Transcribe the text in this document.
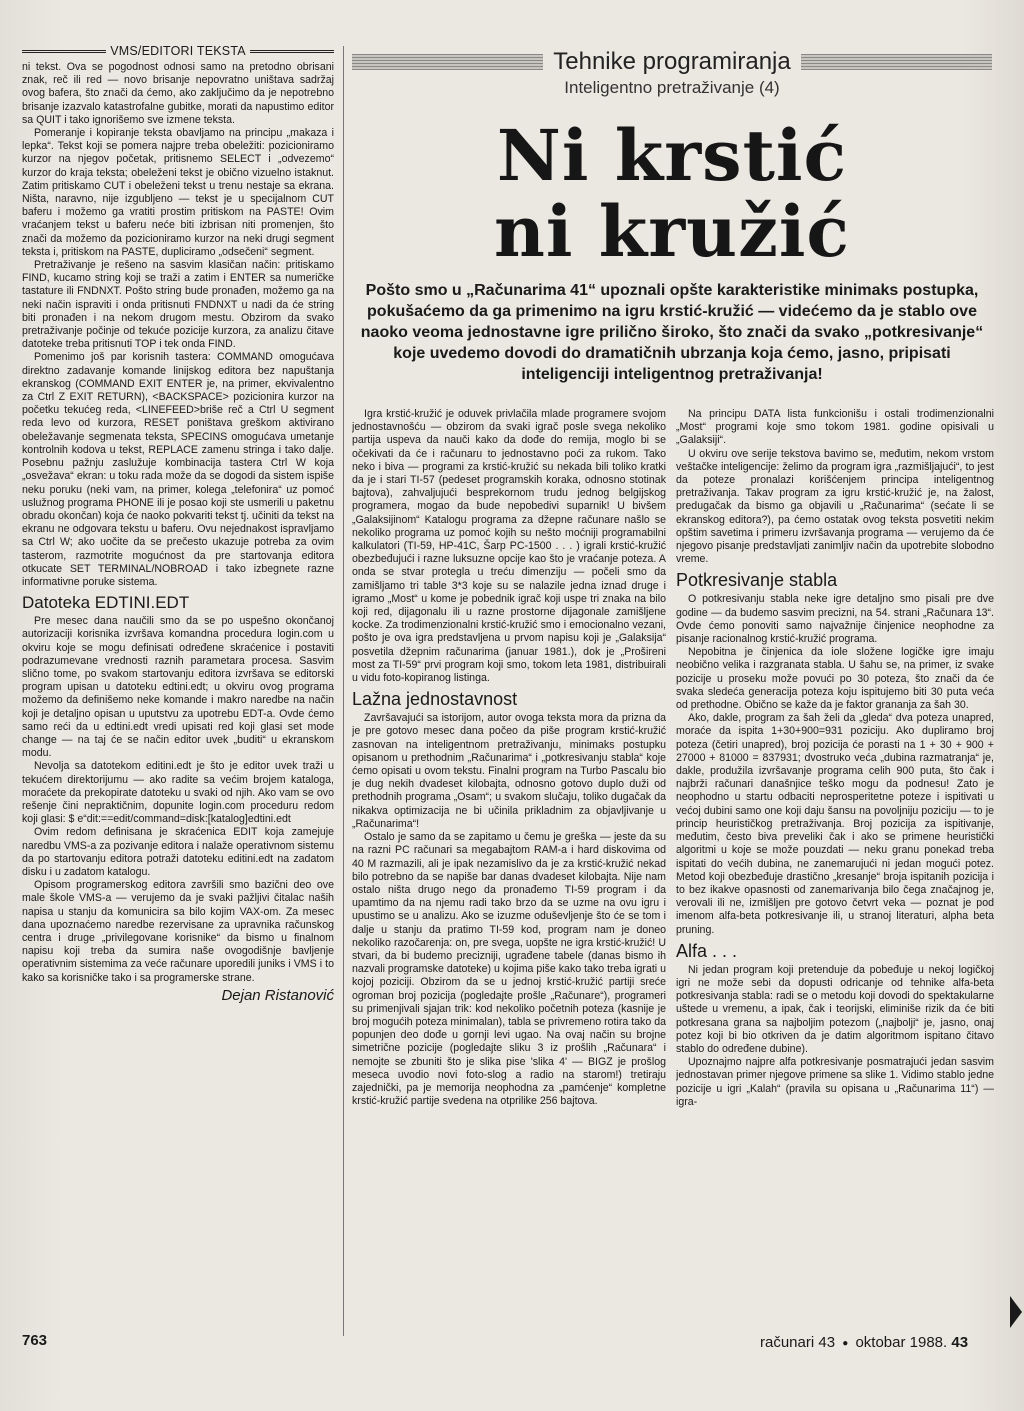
VMS/EDITORI TEKSTA

ni tekst. Ova se pogodnost odnosi samo na pretodno obrisani znak, reč ili red — novo brisanje nepovratno uništava sadržaj ovog bafera, što znači da ćemo, ako zaključimo da je nepotrebno brisanje izazvalo katastrofalne gubitke, morati da napustimo editor sa QUIT i tako ignorišemo sve izmene teksta.

Pomeranje i kopiranje teksta obavljamo na principu „makaza i lepka“. Tekst koji se pomera najpre treba obeležiti: pozicioniramo kurzor na njegov početak, pritisnemo SELECT i „odvezemo“ kurzor do kraja teksta; obeleženi tekst je obično vizuelno istaknut. Zatim pritiskamo CUT i obeleženi tekst u trenu nestaje sa ekrana. Ništa, naravno, nije izgubljeno — tekst je u specijalnom CUT baferu i možemo ga vratiti prostim pritiskom na PASTE! Ovim vraćanjem tekst u baferu neće biti izbrisan niti promenjen, što znači da možemo da pozicioniramo kurzor na neki drugi segment teksta i, pritiskom na PASTE, dupliciramo „odsečeni“ segment.

Pretraživanje je rešeno na sasvim klasičan način: pritiskamo FIND, kucamo string koji se traži a zatim i ENTER sa numeričke tastature ili FNDNXT. Pošto string bude pronađen, možemo ga na neki način ispraviti i onda pritisnuti FNDNXT u nadi da će string biti pronađen i na nekom drugom mestu. Obzirom da svako pretraživanje počinje od tekuće pozicije kurzora, za analizu čitave datoteke treba pritisnuti TOP i tek onda FIND.

Pomenimo još par korisnih tastera: COMMAND omogućava direktno zadavanje komande linijskog editora bez napuštanja ekranskog (COMMAND EXIT ENTER je, na primer, ekvivalentno za Ctrl Z EXIT RETURN), <BACKSPACE> pozicionira kurzor na početku tekućeg reda, <LINEFEED>briše reč a Ctrl U segment reda levo od kurzora, RESET poništava greškom aktivirano obeležavanje segmenata teksta, SPECINS omogućava umetanje kontrolnih kodova u tekst, REPLACE zamenu stringa i tako dalje. Posebnu pažnju zaslužuje kombinacija tastera Ctrl W koja „osvežava“ ekran: u toku rada može da se dogodi da sistem ispiše neku poruku (neki vam, na primer, kolega „telefonira“ uz pomoć uslužnog programa PHONE ili je posao koji ste usmerili u paketnu obradu okončan) koja će naoko pokvariti tekst tj. učiniti da tekst na ekranu ne odgovara tekstu u baferu. Ovu nejednakost ispravljamo sa Ctrl W; ako uočite da se prečesto ukazuje potreba za ovim tasterom, razmotrite mogućnost da pre startovanja editora otkucate SET TERMINAL/NOBROAD i tako izbegnete razne informativne poruke sistema.

Datoteka EDTINI.EDT

Pre mesec dana naučili smo da se po uspešno okončanoj autorizaciji korisnika izvršava komandna procedura login.com u okviru koje se mogu definisati određene skraćenice i postaviti podrazumevane vrednosti raznih parametara procesa. Sasvim slično tome, po svakom startovanju editora izvršava se editorski program upisan u datoteku edtini.edt; u okviru ovog programa možemo da definišemo neke komande i makro naredbe na način koji je detaljno opisan u uputstvu za upotrebu EDT-a. Ovde ćemo samo reći da u edtini.edt vredi upisati red koji glasi set mode change — na taj će se način editor uvek „buditi“ u ekranskom modu.

Nevolja sa datotekom editini.edt je što je editor uvek traži u tekućem direktorijumu — ako radite sa većim brojem kataloga, moraćete da prekopirate datoteku u svaki od njih. Ako vam se ovo rešenje čini nepraktičnim, dopunite login.com proceduru redom koji glasi: $ e“dit:==edit/command=disk:[katalog]edtini.edt

Ovim redom definisana je skraćenica EDIT koja zamejuje naredbu VMS-a za pozivanje editora i nalaže operativnom sistemu da po startovanju editora potraži datoteku editini.edt na zadatom disku i u zadatom katalogu.

Opisom programerskog editora završili smo bazični deo ove male škole VMS-a — verujemo da je svaki pažljivi čitalac naših napisa u stanju da komunicira sa bilo kojim VAX-om. Za mesec dana upoznaćemo naredbe rezervisane za upravnika računskog centra i druge „privilegovane korisnike“ da bismo u finalnom napisu koji treba da sumira naše ovogodišnje bavljenje operativnim sistemima za veće računare uporedili juniks i VMS i to kako sa korisničke tako i sa programerske strane.

Dejan Ristanović
Tehnike programiranja
Inteligentno pretraživanje (4)
Ni krstić
ni kružić
Pošto smo u „Računarima 41“ upoznali opšte karakteristike minimaks postupka, pokušaćemo da ga primenimo na igru krstić-kružić — videćemo da je stablo ove naoko veoma jednostavne igre prilično široko, što znači da svako „potkresivanje“ koje uvedemo dovodi do dramatičnih ubrzanja koja ćemo, jasno, pripisati inteligenciji inteligentnog pretraživanja!

Igra krstić-kružić je oduvek privlačila mlade programere svojom jednostavnošću — obzirom da svaki igrač posle svega nekoliko partija uspeva da nauči kako da dođe do remija, moglo bi se očekivati da će i računaru to jednostavno poći za rukom. Tako neko i bivа — programi za krstić-kružić su nekada bili toliko kratki da je i stari TI-57 (pedeset programskih koraka, odnosno stotinak bajtova), zahvaljujući besprekornom trudu jednog belgijskog programera, mogao da bude nepobedivi suparnik! U bivšem „Galaksijinom“ Katalogu programa za džepne računare našlo se nekoliko programa uz pomoć kojih su nešto moćniji programabilni kalkulatori (TI-59, HP-41C, Šarp PC-1500 . . . ) igrali krstić-kružić obezbeđujući i razne luksuzne opcije kao što je vraćanje poteza. A onda se stvar protegla u treću dimenziju — počeli smo da zamišljamo tri table 3*3 koje su se nalazile jedna iznad druge i igramo „Most“ u kome je pobednik igrač koji uspe tri znaka na bilo koji red, dijagonalu ili u razne prostorne dijagonale zamišljene kocke. Za trodimenzionalni krstić-kružić smo i emocionalno vezani, pošto je ova igra predstavljena u prvom napisu koji je „Galaksija“ posvetila džepnim računarima (januar 1981.), dok je „Prošireni most za TI-59“ prvi program koji smo, tokom leta 1981, distribuirali u vidu foto-kopiranog listinga.

Lažna jednostavnost

Završavajući sa istorijom, autor ovoga teksta mora da prizna da je pre gotovo mesec dana počeo da piše program krstić-kružić zasnovan na inteligentnom pretraživanju, minimaks postupku opisanom u prethodnim „Računarima“ i „potkresivanju stabla“ koje ćemo opisati u ovom tekstu. Finalni program na Turbo Pascalu bio je dug nekih dvadeset kilobajta, odnosno gotovo duplo duži od prethodnih programa „Osam“; u svakom slučaju, toliko dugačak da nikakva optimizacija ne bi učinila prikladnim za objavljivanje u „Računarima“!

Ostalo je samo da se zapitamo u čemu je greška — jeste da su na razni PC računari sa megabajtom RAM-a i hard diskovima od 40 M razmazili, ali je ipak nezamislivo da je za krstić-kružić nekad bilo potrebno da se napiše bar danas dvadeset kilobajta. Nije nam ostalo ništa drugo nego da pronađemo TI-59 program i da upamtimo da na njemu radi tako brzo da se uzme na ovu igru i upustimo se u analizu. Ako se izuzme oduševljenje što će se tom i dalje u stanju da pratimo TI-59 kod, program nam je doneo nekoliko razočarenja: on, pre svega, uopšte ne igra krstić-kružić! U stvari, da bi budemo precizniji, ugrađene tabele (danas bismo ih nazvali programske datoteke) u kojima piše kako tako treba igrati u kojoj poziciji. Obzirom da se u jednoj krstić-kružić partiji sreće ogroman broj pozicija (pogledajte prošle „Računare“), programeri su primenjivali sjajan trik: kod nekoliko početnih poteza (kasnije je broj mogućih poteza minimalan), tabla se privremeno rotira tako da popunjen deo dođe u gornji levi ugao. Na ovaj način su brojne simetrične pozicije (pogledajte sliku 3 iz prošlih „Računara“ i nemojte se zbuniti što je slika pise 'slika 4' — BIGZ je prošlog meseca uvodio novi foto-slog a radio na starom!) tretiraju zajednički, pa je memorija neophodna za „pamćenje“ kompletne krstić-kružić partije svedena na otprilike 256 bajtova.

Na principu DATA lista funkcionišu i ostali trodimenzionalni „Most“ programi koje smo tokom 1981. godine opisivali u „Galaksiji“.

U okviru ove serije tekstova bavimo se, međutim, nekom vrstom veštačke inteligencije: želimo da program igra „razmišljajući“, to jest da poteze pronalazi korišćenjem principa inteligentnog pretraživanja. Takav program za igru krstić-kružić je, na žalost, predugačak da bismo ga objavili u „Računarima“ (sećate li se ekranskog editora?), pa ćemo ostatak ovog teksta posvetiti nekim opštim savetima i primeru izvršavanja programa — verujemo da će njegovo pisanje predstavljati zanimljiv način da upotrebite slobodno vreme.

Potkresivanje stabla

O potkresivanju stabla neke igre detaljno smo pisali pre dve godine — da budemo sasvim precizni, na 54. strani „Računara 13“. Ovde ćemo ponoviti samo najvažnije činjenice neophodne za pisanje racionalnog krstić-kružić programa.

Nepobitna je činjenica da iole složene logičke igre imaju neobično velika i razgranata stabla. U šahu se, na primer, iz svake pozicije u proseku može povući po 30 poteza, što znači da će svaka sledeća generacija poteza koju ispitujemo biti 30 puta veća od prethodne. Obično se kaže da je faktor grananja za šah 30.

Ako, dakle, program za šah želi da „gleda“ dva poteza unapred, moraće da ispita 1+30+900=931 poziciju. Ako dupliramo broj poteza (četiri unapred), broj pozicija će porasti na 1 + 30 + 900 + 27000 + 81000 = 837931; dvostruko veća „dubina razmatranja“ je, dakle, produžila izvršavanje programa celih 900 puta, što čak i najbrži računari današnjice teško mogu da podnesu! Zato je neophodno u startu odbaciti neprosperitetne poteze i ispitivati u većoj dubini samo one koji daju šansu na povoljniju poziciju — to je princip heurističkog pretraživanja. Broj pozicija za ispitivanje, međutim, često biva preveliki čak i ako se primene heuristički algoritmi u koje se može pouzdati — neku granu ponekad treba ispitati do većih dubina, ne zanemarujući ni jedan mogući potez. Metod koji obezbeđuje drastično „kresanje“ broja ispitanih pozicija i to bez ikakve opasnosti od zanemarivanja bilo čega značajnog je, verovali ili ne, izmišljen pre gotovo četvrt veka — poznat je pod imenom alfa-beta potkresivanje ili, u stranoj literaturi, alpha beta pruning.

Alfa . . .

Ni jedan program koji pretendujе da pobeđuje u nekoj logičkoj igri ne može sebi da dopusti odricanje od tehnike alfa-beta potkresivanja stabla: radi se o metodu koji dovodi do spektakularne uštede u vremenu, a ipak, čak i teorijski, eliminiše rizik da će biti potkresana grana sa najboljim potezom („najbolji“ je, jasno, onaj potez koji bi bio otkriven da je datim algoritmom ispitano čitavo stablo do određene dubine).

Upoznajmo najpre alfa potkresivanje posmatrajući jedan sasvim jednostavan primer njegove primene sa slike 1. Vidimo stablo jedne pozicije u igri „Kalah“ (pravila su opisana u „Računarima 11“) — igra-

763	računari 43 ● oktobar 1988. 43
